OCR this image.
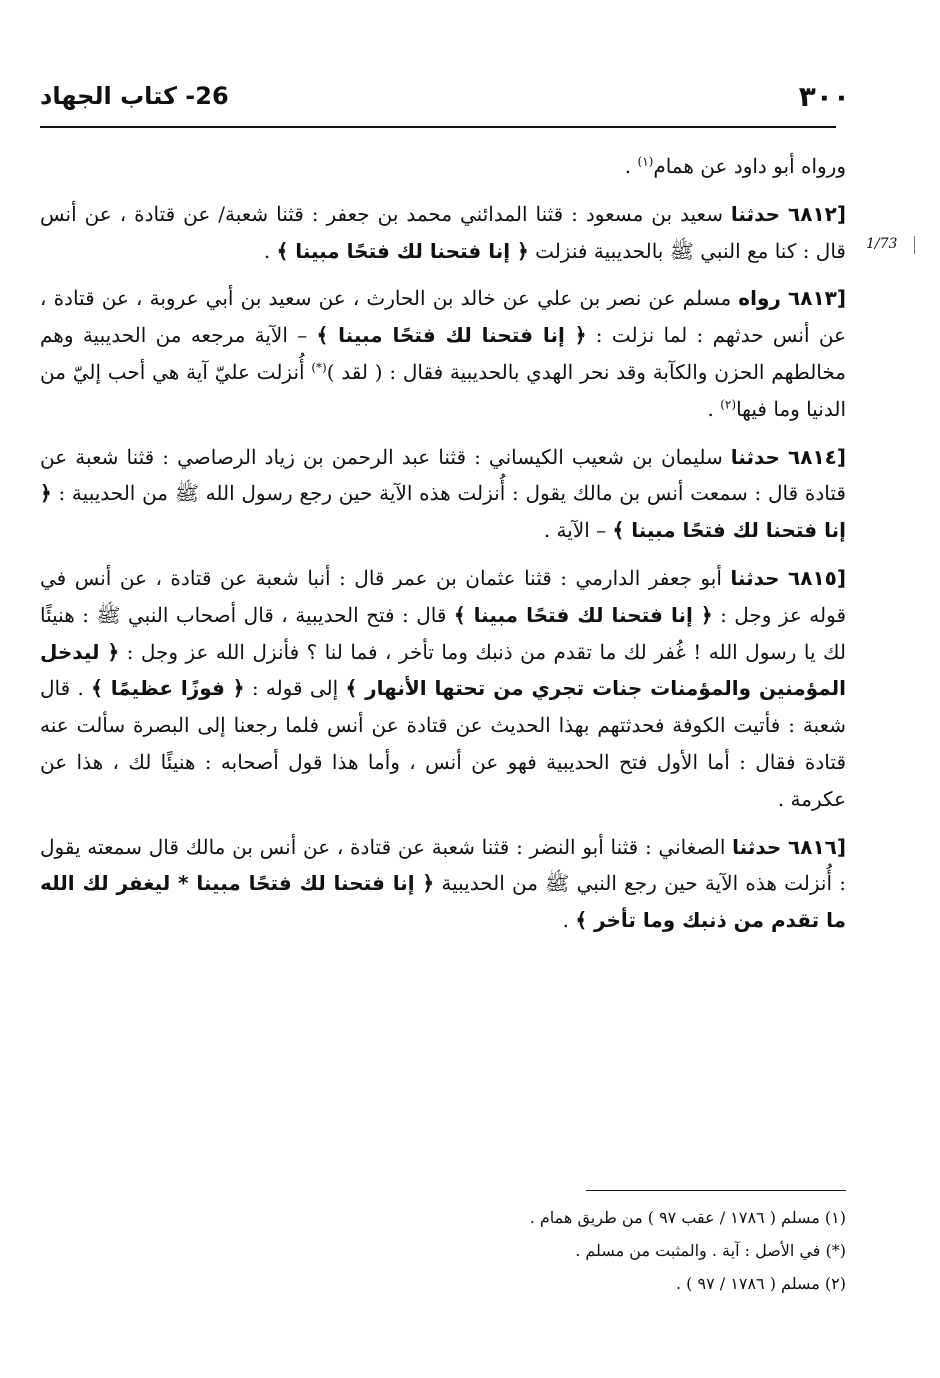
٣٠٠
26- كتاب الجهاد
1/73

ورواه أبو داود عن همام$^{(١)}$ .

[٦٨١٢ حدثنا سعيد بن مسعود : قثنا المدائني محمد بن جعفر : قثنا شعبة/ عن قتادة ، عن أنس قال : كنا مع النبي ﷺ بالحديبية فنزلت ﴿ إنا فتحنا لك فتحًا مبينا ﴾ .

[٦٨١٣ رواه مسلم عن نصر بن علي عن خالد بن الحارث ، عن سعيد بن أبي عروبة ، عن قتادة ، عن أنس حدثهم : لما نزلت : ﴿ إنا فتحنا لك فتحًا مبينا ﴾ – الآية مرجعه من الحديبية وهم مخالطهم الحزن والكآبة وقد نحر الهدي بالحديبية فقال : ( لقد )(*) أُنزلت عليّ آية هي أحب إليّ من الدنيا وما فيها$^{(٢)}$ .

[٦٨١٤ حدثنا سليمان بن شعيب الكيساني : قثنا عبد الرحمن بن زياد الرصاصي : قثنا شعبة عن قتادة قال : سمعت أنس بن مالك يقول : أُنزلت هذه الآية حين رجع رسول الله ﷺ من الحديبية : ﴿ إنا فتحنا لك فتحًا مبينا ﴾ – الآية .

[٦٨١٥ حدثنا أبو جعفر الدارمي : قثنا عثمان بن عمر قال : أنبا شعبة عن قتادة ، عن أنس في قوله عز وجل : ﴿ إنا فتحنا لك فتحًا مبينا ﴾ قال : فتح الحديبية ، قال أصحاب النبي ﷺ : هنيئًا لك يا رسول الله ! غُفر لك ما تقدم من ذنبك وما تأخر ، فما لنا ؟ فأنزل الله عز وجل : ﴿ ليدخل المؤمنين والمؤمنات جنات تجري من تحتها الأنهار ﴾ إلى قوله : ﴿ فوزًا عظيمًا ﴾ . قال شعبة : فأتيت الكوفة فحدثتهم بهذا الحديث عن قتادة عن أنس فلما رجعنا إلى البصرة سألت عنه قتادة فقال : أما الأول فتح الحديبية فهو عن أنس ، وأما هذا قول أصحابه : هنيئًا لك ، هذا عن عكرمة .

[٦٨١٦ حدثنا الصغاني : قثنا أبو النضر : قثنا شعبة عن قتادة ، عن أنس بن مالك قال سمعته يقول : أُنزلت هذه الآية حين رجع النبي ﷺ من الحديبية ﴿ إنا فتحنا لك فتحًا مبينا * ليغفر لك الله ما تقدم من ذنبك وما تأخر ﴾ .

(١) مسلم ( ١٧٨٦ / عقب ٩٧ ) من طريق همام .
(*) في الأصل : آية . والمثبت من مسلم .
(٢) مسلم ( ١٧٨٦ / ٩٧ ) .
